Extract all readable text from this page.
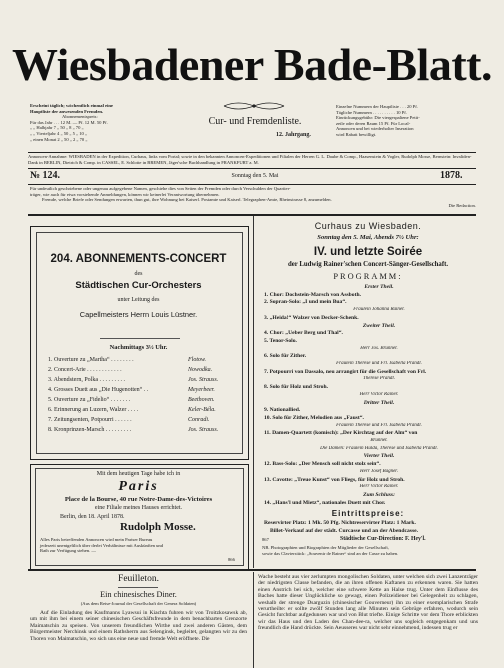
Wiesbadener Bade-Blatt.
Erscheint täglich; wöchentlich einmal eine
Hauptliste der anwesenden Fremden.
Abonnementspreis:
Für das Jahr . . . 12 M. — Pf. 12 M. 50 Pf.
„ „ Halbjahr 7 „ 50 „ 8 „ 70 „
„ „ Vierteljahr 4 „ 50 „ 5 „ 10 „
„ einen Monat 2 „ 50 „ 2 „ 70 „
Cur- und Fremdenliste.
12. Jahrgang.
Einzelne Nummern der Hauptliste . . . 20 Pf.
Tägliche Nummern . . . . . . . . . . 10 Pf.
Einrückungsgebühr: Die viergespaltene Petit-
zeile oder deren Raum 15 Pf. Für Local-
Annoncen und bei wiederholter Inseration
wird Rabatt bewilligt.
Annoncen-Annahme: WIESBADEN in der Expedition, Curhaus, links vom Portal; sowie in den bekannten Annoncen-Expeditionen und Filialen der Herren G. L. Daube & Comp., Haasenstein & Vogler, Rudolph Mosse, Bernstein: Invaliden-Dank in BERLIN, Dietrich & Comp. in CASSEL, E. Schlotte in BREMEN, Jäger'sche Buchhandlung in FRANKFURT a. M.
№ 124.	Sonntag den 5. Mai	1878.
Für undeutlich geschriebene oder ungenau aufgegebene Namen, geschiehe dies von Seiten der Fremden oder durch Verschulden der Quartier-
träger, wie auch für etwa vorstehende Anmeldungen, können wir keinerlei Verantwortung übernehmen.
Fremde, welche Briefe oder Sendungen erwarten, thun gut, ihre Wohnung bei Kaiserl. Postamte und Kaiserl. Telegraphen-Amte, Rheinstrasse 8, anzumelden.
Die Redaction.
204. ABONNEMENTS-CONCERT
des
Städtischen Cur-Orchesters
unter Leitung des
Capellmeisters Herrn Louis Lüstner.
Nachmittags 3½ Uhr.
1. Ouverture zu „Martha“ . . . . . . . .	Flotow.
2. Concert-Arie . . . . . . . . . . . .	Nowodka.
3. Abendstern, Polka . . . . . . . . .	Jos. Strauss.
4. Grosses Duett aus „Die Hugenotten“ . .	Meyerbeer.
5. Ouverture zu „Fidelio“ . . . . . . .	Beethoven.
6. Erinnerung an Luzern, Walzer . . . .	Keler-Béla.
7. Zeitungsenten, Potpourri . . . . . .	Conradi.
8. Kronprinzen-Marsch . . . . . . . . .	Jos. Strauss.
Mit dem heutigen Tage habe ich in
Paris
Place de la Bourse, 40 rue Notre-Dame-des-Victoires
eine Filiale meines Hauses errichtet.
Berlin, den 18. April 1878.
Rudolph Mosse.
Alles Paris betreffenden Annoncen wird mein Pariser Bureau
jederzeit unentgeltlich über derlei Verhältnisse mit Auskünften und
Rath zur Verfügung stehen. —
866
Curhaus zu Wiesbaden.
Sonntag den 5. Mai, Abends 7½ Uhr:
IV. und letzte Soirée
der Ludwig Rainer'schen Concert-Sänger-Gesellschaft.
PROGRAMM:
Eintrittspreise:
Reservirter Platz: 1 Mk. 50 Pfg. Nichtreservirter Platz: 1 Mark.
Billet-Verkauf auf der städt. Curcasse und an der Abendcasse.
867	Städtische Cur-Direction: F. Hey'l.
NB. Photographien und Biographien der Mitglieder der Gesellschaft,
sowie das Clavierstück: „Souvenir de Rainer“ sind an der Casse zu haben.
Feuilleton.
Ein chinesisches Diner.
(Aus dem Reise-Journal der Gesellschaft der Genera Soldaten)
Auf die Einladung des Kaufmanns Lyawsui in Kiachta fuhren wir von Troitzkosawsk ab, um mit ihm bei einem seiner chinesischen Geschäftsfreunde in dem benachbarten Grenzorte Maimatschin zu speisen. Von unserem freundlichen Wirthe und zwei anderen Gästen, dem Bürgermeister Nerchinsk und einem Rathsherrn aus Selenginsk, begleitet, gelangten wir zu den Thoren von Maimatschin, wo sich uns eine neue und fremde Welt eröffnete. Die
Wache besteht aus vier zerlumpten mongolischen Soldaten, unter welchen sich zwei Lanzenträger der niedrigsten Classe befanden, die an ihren offenen Kaftanen zu erkennen waren. Sie hatten einen Anstrich bei sich, welcher eine schwere Kette an Halse trug. Unter dem Einflusse des Baches hatte dieser Unglückliche so gewagt, einen Polizeidiener bei Gelegenheit zu schlagen, weshalb der strenge Dsarguzin (chinesischer Gouverneur) ihn zu einer exemplarischen Strafe verurtheilte: er sollte zwölf Stunden lang alle Minuten sein Gebrüge erfahren, wodurch sein Gesicht furchtbar aufgedunsen war und von Blut triefte. Einige Schritte vor dem Thore erblickten wir das Haus und den Laden des Chan-dee-ra, welcher uns sogleich entgegenkam und uns freundlich die Hand drückte. Sein Aeusseres war nicht sehr einnehmend, indessen trug er
Erster Theil.
1. Chor: Dochstein-Marsch von Assboth.
2. Sopran-Solo: „I und mein Bua“.
Fräulein Johanna Rainer.
3. „Heida!“ Walzer von Decker-Schenk.
Zweiter Theil.
4. Chor: „Ueber Berg und Thal“.
5. Tenor-Solo.
Herr Jos. Brunner.
6. Solo für Zither.
Fräulein Therese und Frl. Isabella Prandl.
7. Potpourri von Dassalo, neu arrangirt für die Gesellschaft von Frl.
Therese Prandl.
8. Solo für Holz und Stroh.
Herr Victor Rainer.
Dritter Theil.
9. Nationallied.
10. Solo für Zither, Melodien aus „Faust“.
Fräulein Therese und Frl. Isabella Prandl.
11. Damen-Quartett (komisch): „Der Kirchtag auf der Alm“ von
Brunner.
Die Damen: Fräulein Hulda, Therese und Isabella Prandl.
Vierter Theil.
12. Bass-Solo: „Der Mensch soll nicht stolz sein“.
Herr Josef Bagner.
13. Cavotte: „Treue Kunst“ von Fliegs, für Holz und Stroh.
Herr Victor Rainer.
Zum Schluss:
14. „Hans'l und Mietz“, nationales Duett mit Chor.
